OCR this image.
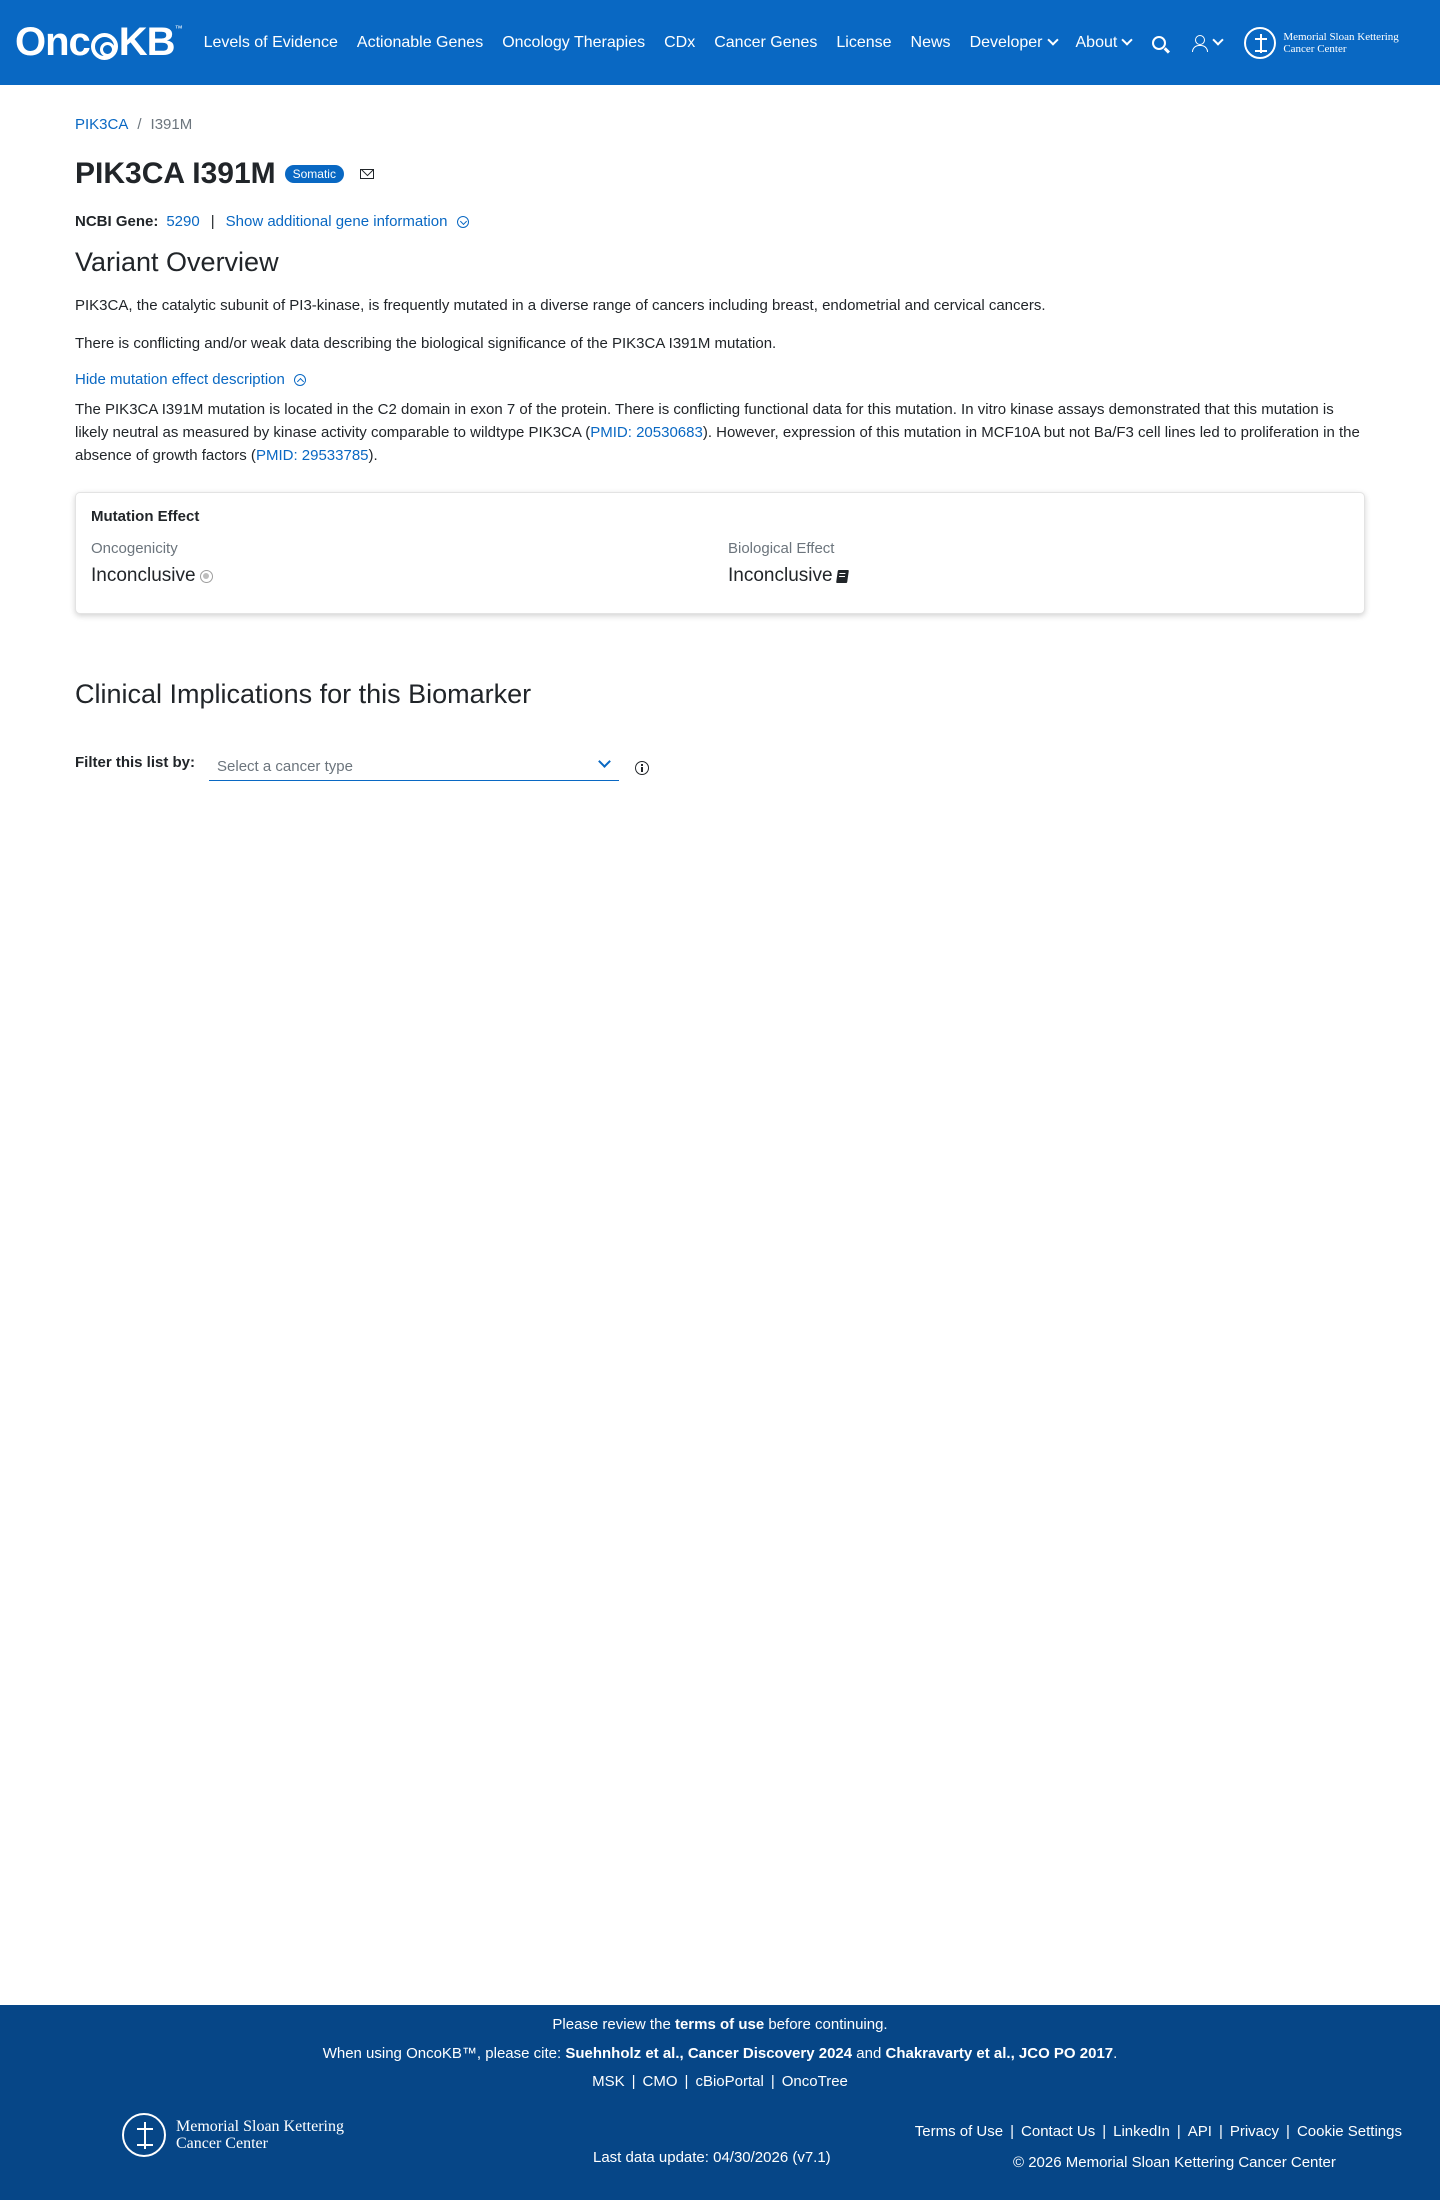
Onc KB ™
Levels of Evidence Actionable Genes Oncology Therapies CDx Cancer Genes License News Developer About	Memorial Sloan Kettering
Cancer Center
PIK3CA / I391M
PIK3CA I391M	Somatic
NCBI Gene: 5290 | Show additional gene information
Variant Overview

PIK3CA, the catalytic subunit of PI3-kinase, is frequently mutated in a diverse range of cancers including breast, endometrial and cervical cancers.

There is conflicting and/or weak data describing the biological significance of the PIK3CA I391M mutation.

Hide mutation effect description

The PIK3CA I391M mutation is located in the C2 domain in exon 7 of the protein. There is conflicting functional data for this mutation. In vitro kinase assays demonstrated that this mutation is likely neutral as measured by kinase activity comparable to wildtype PIK3CA (PMID: 20530683). However, expression of this mutation in MCF10A but not Ba/F3 cell lines led to proliferation in the absence of growth factors (PMID: 29533785).

Mutation Effect
Oncogenicity
Inconclusive
Biological Effect
Inconclusive
Clinical Implications for this Biomarker
Filter this list by: Select a cancer type
Please review the terms of use before continuing.
When using OncoKB™, please cite: Suehnholz et al., Cancer Discovery 2024 and Chakravarty et al., JCO PO 2017.
MSK | CMO | cBioPortal | OncoTree
Memorial Sloan Kettering
Cancer Center
Last data update: 04/30/2026 (v7.1)
Terms of Use | Contact Us | LinkedIn | API | Privacy | Cookie Settings
© 2026 Memorial Sloan Kettering Cancer Center
